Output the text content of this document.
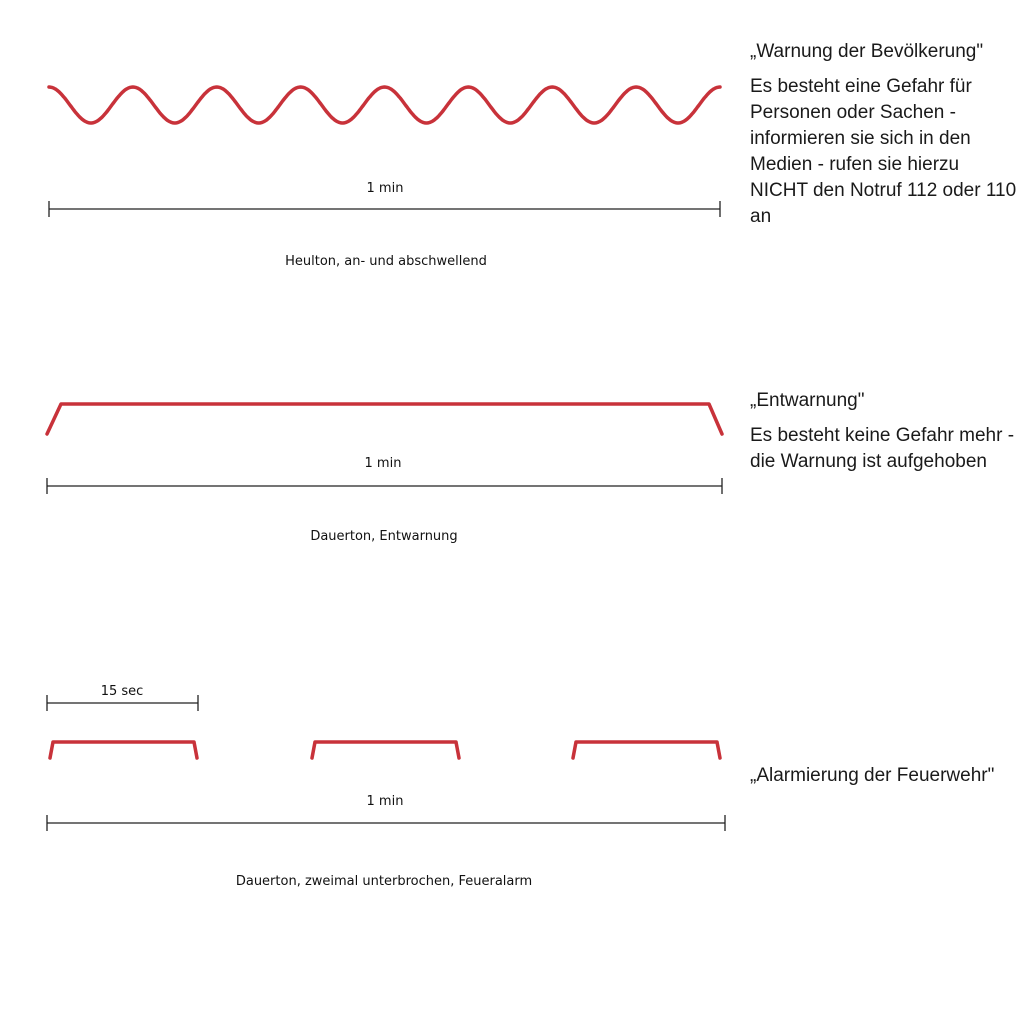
1 min
Heulton, an- und abschwellend
1 min
Dauerton, Entwarnung
15 sec
1 min
Dauerton, zweimal unterbrochen, Feueralarm
„Warnung der Bevölkerung"

Es besteht eine Gefahr für Personen oder Sachen - informieren sie sich in den Medien - rufen sie hierzu NICHT den Notruf 112 oder 110 an

„Entwarnung"

Es besteht keine Gefahr mehr - die Warnung ist aufgehoben

„Alarmierung der Feuerwehr"
